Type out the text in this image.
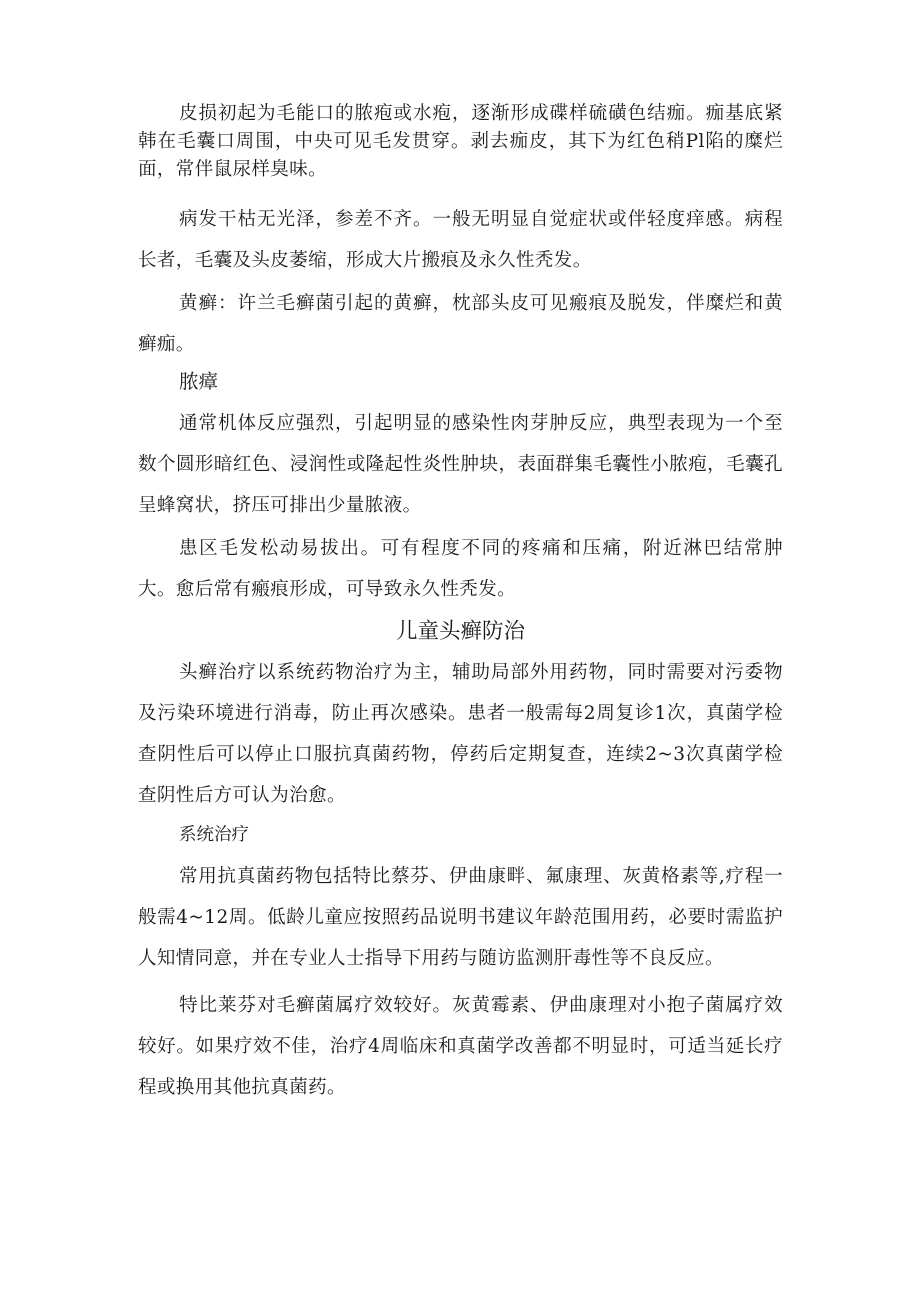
皮损初起为毛能口的脓疱或水疱，逐渐形成碟样硫磺色结痂。痂基底紧韩在毛囊口周围，中央可见毛发贯穿。剥去痂皮，其下为红色稍Pl陷的糜烂面，常伴鼠尿样臭味。

病发干枯无光泽，参差不齐。一般无明显自觉症状或伴轻度痒感。病程长者，毛囊及头皮萎缩，形成大片搬痕及永久性秃发。

黄癣：许兰毛癣菌引起的黄癣，枕部头皮可见瘢痕及脱发，伴糜烂和黄癣痂。

脓瘴

通常机体反应强烈，引起明显的感染性肉芽肿反应，典型表现为一个至数个圆形暗红色、浸润性或隆起性炎性肿块，表面群集毛囊性小脓疱，毛囊孔呈蜂窝状，挤压可排出少量脓液。

患区毛发松动易拔出。可有程度不同的疼痛和压痛，附近淋巴结常肿大。愈后常有瘢痕形成，可导致永久性秃发。

儿童头癣防治

头癣治疗以系统药物治疗为主，辅助局部外用药物，同时需要对污委物及污染环境进行消毒，防止再次感染。患者一般需每2周复诊1次，真菌学检查阴性后可以停止口服抗真菌药物，停药后定期复查，连续2~3次真菌学检查阴性后方可认为治愈。

系统治疗

常用抗真菌药物包括特比蔡芬、伊曲康畔、氟康理、灰黄格素等,疗程一般需4~12周。低龄儿童应按照药品说明书建议年龄范围用药，必要时需监护人知情同意，并在专业人士指导下用药与随访监测肝毒性等不良反应。

特比莱芬对毛癣菌属疗效较好。灰黄霉素、伊曲康理对小抱子菌属疗效较好。如果疗效不佳，治疗4周临床和真菌学改善都不明显时，可适当延长疗程或换用其他抗真菌药。
